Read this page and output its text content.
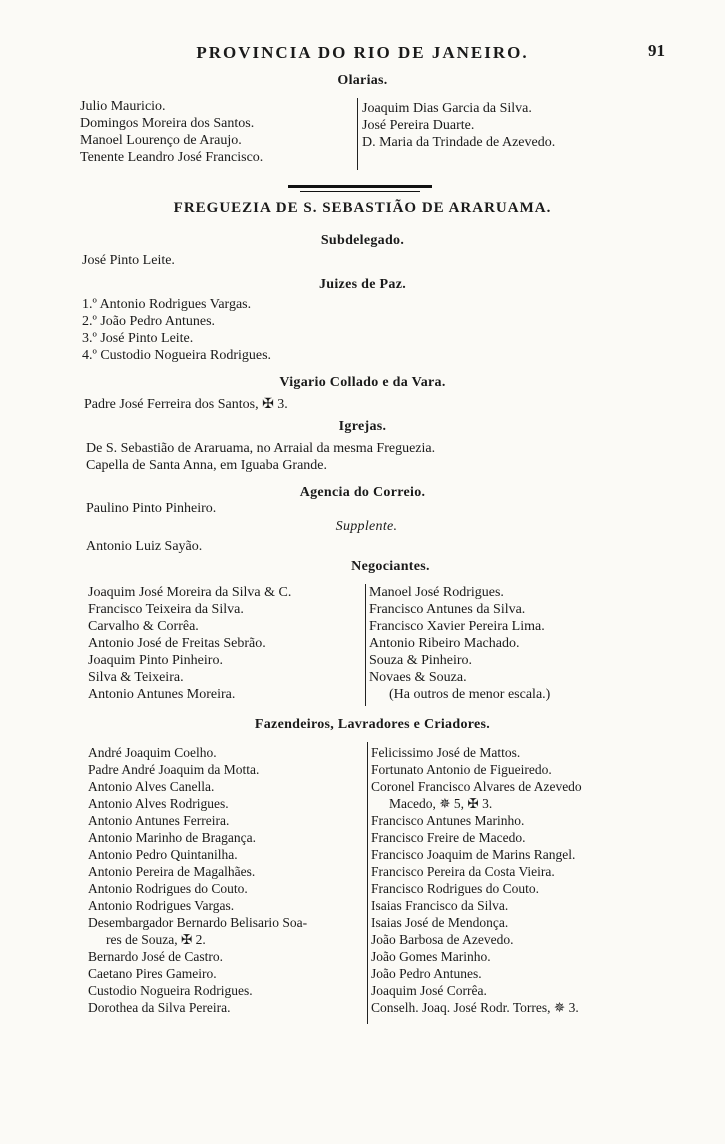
PROVINCIA DO RIO DE JANEIRO.	91
Olarias.
Julio Mauricio.
Domingos Moreira dos Santos.
Manoel Lourenço de Araujo.
Tenente Leandro José Francisco.
Joaquim Dias Garcia da Silva.
José Pereira Duarte.
D. Maria da Trindade de Azevedo.
FREGUEZIA DE S. SEBASTIÃO DE ARARUAMA.
Subdelegado.
José Pinto Leite.
Juizes de Paz.
1.º Antonio Rodrigues Vargas.
2.º João Pedro Antunes.
3.º José Pinto Leite.
4.º Custodio Nogueira Rodrigues.
Vigario Collado e da Vara.
Padre José Ferreira dos Santos, ✠ 3.
Igrejas.
De S. Sebastião de Araruama, no Arraial da mesma Freguezia.
Capella de Santa Anna, em Iguaba Grande.
Agencia do Correio.
Paulino Pinto Pinheiro.
Supplente.
Antonio Luiz Sayão.
Negociantes.
Joaquim José Moreira da Silva & C.
Francisco Teixeira da Silva.
Carvalho & Corrêa.
Antonio José de Freitas Sebrão.
Joaquim Pinto Pinheiro.
Silva & Teixeira.
Antonio Antunes Moreira.
Manoel José Rodrigues.
Francisco Antunes da Silva.
Francisco Xavier Pereira Lima.
Antonio Ribeiro Machado.
Souza & Pinheiro.
Novaes & Souza.
(Ha outros de menor escala.)
Fazendeiros, Lavradores e Criadores.
André Joaquim Coelho.
Padre André Joaquim da Motta.
Antonio Alves Canella.
Antonio Alves Rodrigues.
Antonio Antunes Ferreira.
Antonio Marinho de Bragança.
Antonio Pedro Quintanilha.
Antonio Pereira de Magalhães.
Antonio Rodrigues do Couto.
Antonio Rodrigues Vargas.
Desembargador Bernardo Belisario Soa-
res de Souza, ✠ 2.
Bernardo José de Castro.
Caetano Pires Gameiro.
Custodio Nogueira Rodrigues.
Dorothea da Silva Pereira.
Felicissimo José de Mattos.
Fortunato Antonio de Figueiredo.
Coronel Francisco Alvares de Azevedo
Macedo, ✵ 5, ✠ 3.
Francisco Antunes Marinho.
Francisco Freire de Macedo.
Francisco Joaquim de Marins Rangel.
Francisco Pereira da Costa Vieira.
Francisco Rodrigues do Couto.
Isaias Francisco da Silva.
Isaias José de Mendonça.
João Barbosa de Azevedo.
João Gomes Marinho.
João Pedro Antunes.
Joaquim José Corrêa.
Conselh. Joaq. José Rodr. Torres, ✵ 3.
